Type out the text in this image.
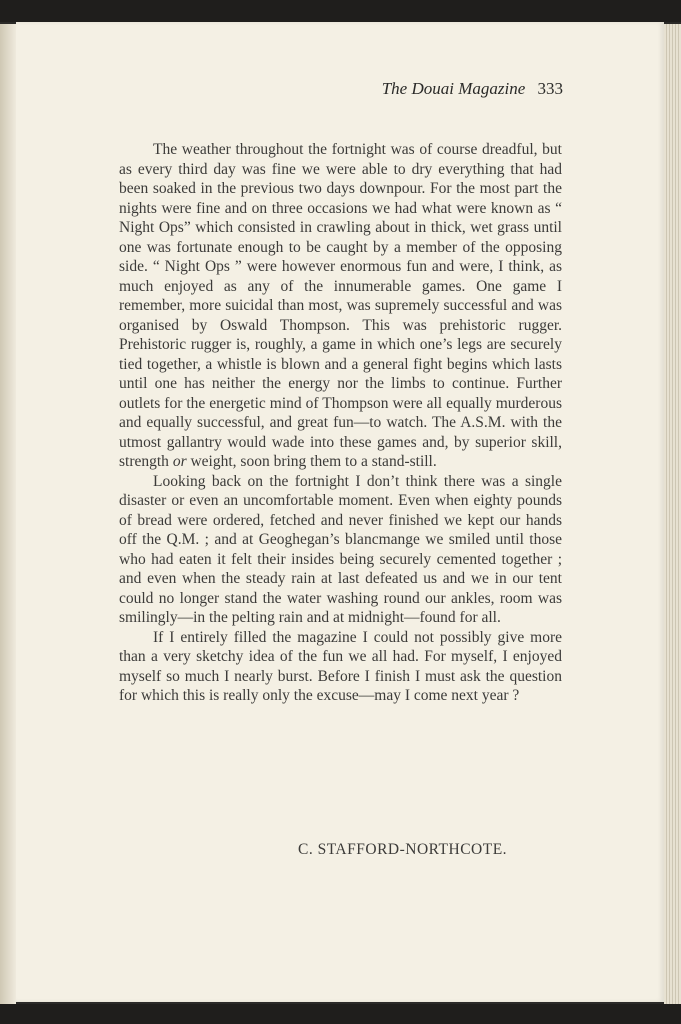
The Douai Magazine 333

The weather throughout the fortnight was of course dreadful, but as every third day was fine we were able to dry everything that had been soaked in the previous two days downpour. For the most part the nights were fine and on three occasions we had what were known as “ Night Ops” which consisted in crawling about in thick, wet grass until one was fortunate enough to be caught by a member of the opposing side. “ Night Ops ” were however enormous fun and were, I think, as much enjoyed as any of the innumerable games. One game I remember, more suicidal than most, was supremely successful and was organised by Oswald Thompson. This was prehistoric rugger. Prehistoric rugger is, roughly, a game in which one’s legs are securely tied together, a whistle is blown and a general fight begins which lasts until one has neither the energy nor the limbs to continue. Further outlets for the energetic mind of Thompson were all equally murderous and equally successful, and great fun—to watch. The A.S.M. with the utmost gallantry would wade into these games and, by superior skill, strength or weight, soon bring them to a stand-still.

Looking back on the fortnight I don’t think there was a single disaster or even an uncomfortable moment. Even when eighty pounds of bread were ordered, fetched and never finished we kept our hands off the Q.M. ; and at Geoghegan’s blancmange we smiled until those who had eaten it felt their insides being securely cemented together ; and even when the steady rain at last defeated us and we in our tent could no longer stand the water washing round our ankles, room was smilingly—in the pelting rain and at midnight—found for all.

If I entirely filled the magazine I could not possibly give more than a very sketchy idea of the fun we all had. For myself, I enjoyed myself so much I nearly burst. Before I finish I must ask the question for which this is really only the excuse—may I come next year ?

C. STAFFORD-NORTHCOTE.
